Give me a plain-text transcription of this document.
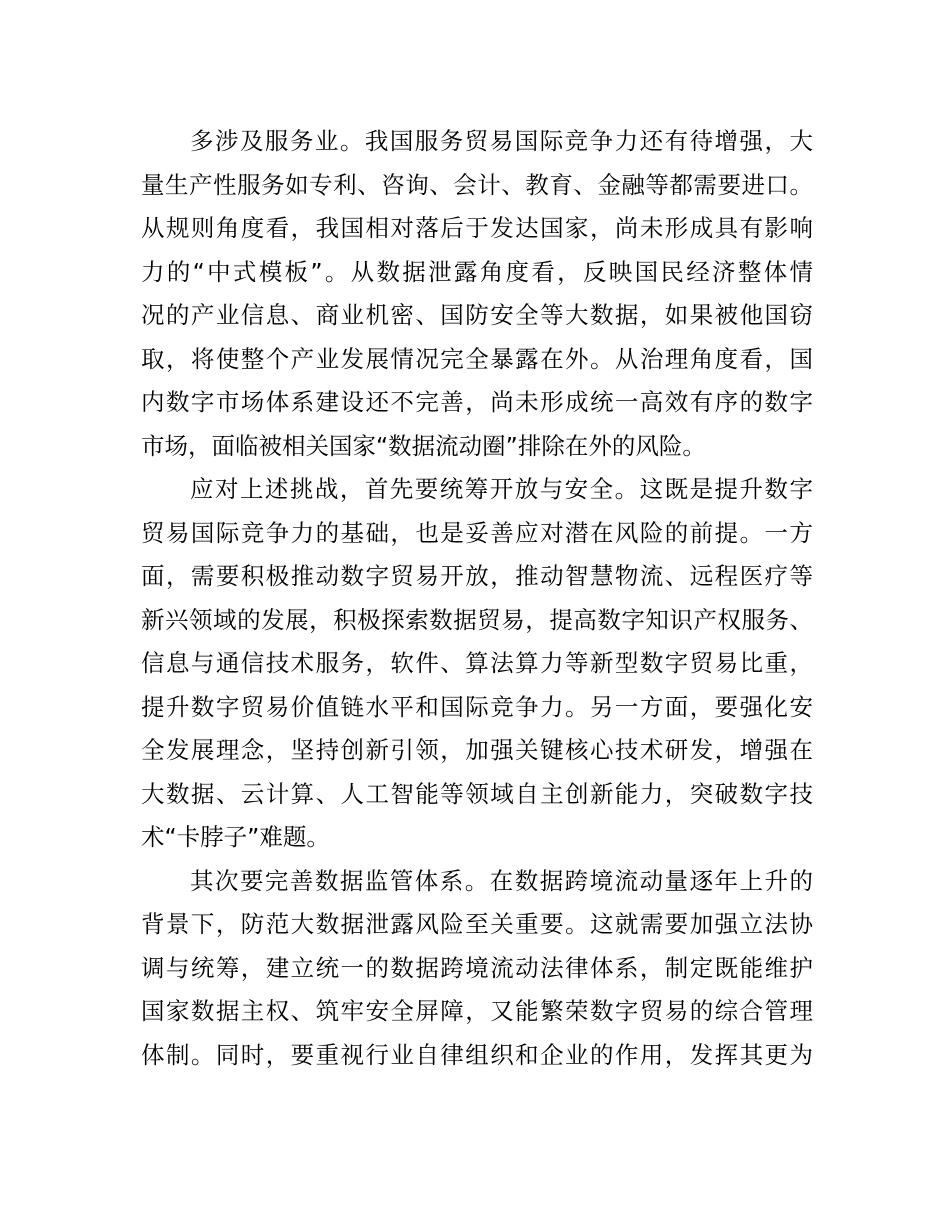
多涉及服务业。我国服务贸易国际竞争力还有待增强，大
量生产性服务如专利、咨询、会计、教育、金融等都需要进口。
从规则角度看，我国相对落后于发达国家，尚未形成具有影响
力的“中式模板”。从数据泄露角度看，反映国民经济整体情
况的产业信息、商业机密、国防安全等大数据，如果被他国窃
取，将使整个产业发展情况完全暴露在外。从治理角度看，国
内数字市场体系建设还不完善，尚未形成统一高效有序的数字
市场，面临被相关国家“数据流动圈”排除在外的风险。
应对上述挑战，首先要统筹开放与安全。这既是提升数字
贸易国际竞争力的基础，也是妥善应对潜在风险的前提。一方
面，需要积极推动数字贸易开放，推动智慧物流、远程医疗等
新兴领域的发展，积极探索数据贸易，提高数字知识产权服务、
信息与通信技术服务，软件、算法算力等新型数字贸易比重，
提升数字贸易价值链水平和国际竞争力。另一方面，要强化安
全发展理念，坚持创新引领，加强关键核心技术研发，增强在
大数据、云计算、人工智能等领域自主创新能力，突破数字技
术“卡脖子”难题。
其次要完善数据监管体系。在数据跨境流动量逐年上升的
背景下，防范大数据泄露风险至关重要。这就需要加强立法协
调与统筹，建立统一的数据跨境流动法律体系，制定既能维护
国家数据主权、筑牢安全屏障，又能繁荣数字贸易的综合管理
体制。同时，要重视行业自律组织和企业的作用，发挥其更为
